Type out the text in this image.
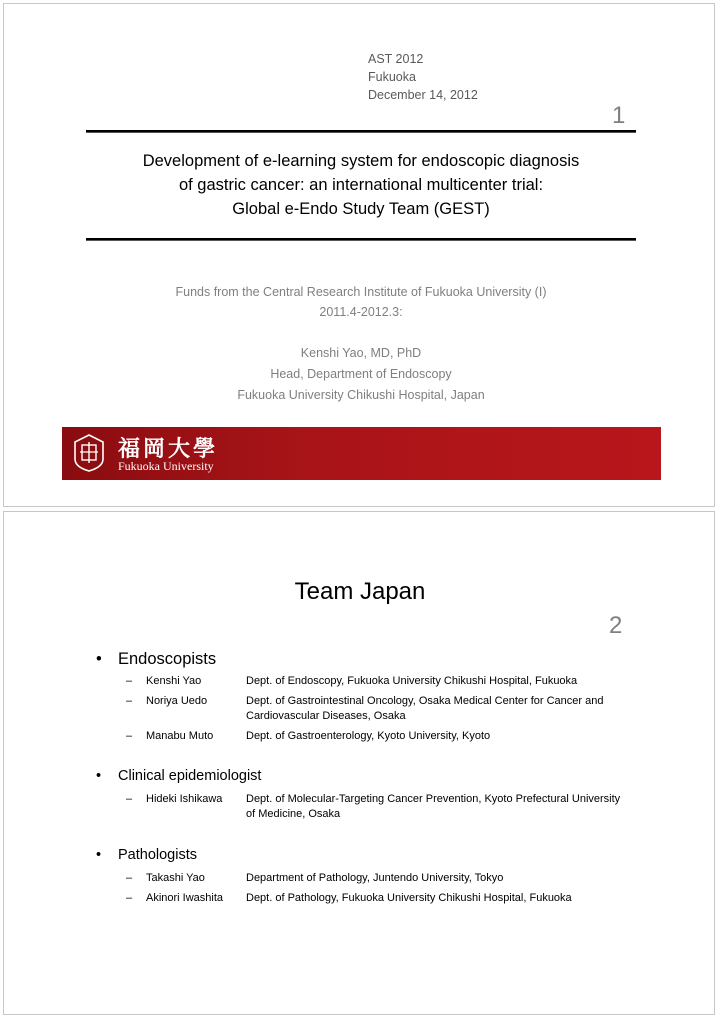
AST 2012
Fukuoka
December 14, 2012
1
Development of e-learning system for endoscopic diagnosis
of gastric cancer: an international multicenter trial:
Global e-Endo Study Team (GEST)
Funds from the Central Research Institute of Fukuoka University (I)
2011.4-2012.3:
Kenshi Yao, MD, PhD
Head, Department of Endoscopy
Fukuoka University Chikushi Hospital, Japan
福岡大學
Fukuoka University
Team Japan
2
• Endoscopists
– Kenshi Yao	Dept. of Endoscopy, Fukuoka University Chikushi Hospital, Fukuoka
– Noriya Uedo	Dept. of Gastrointestinal Oncology, Osaka Medical Center for Cancer and Cardiovascular Diseases, Osaka
– Manabu Muto	Dept. of Gastroenterology, Kyoto University, Kyoto
•	Clinical epidemiologist
– Hideki Ishikawa Dept. of Molecular-Targeting Cancer Prevention, Kyoto Prefectural University of Medicine, Osaka
•	Pathologists
– Takashi Yao	Department of Pathology, Juntendo University, Tokyo
– Akinori Iwashita Dept. of Pathology, Fukuoka University Chikushi Hospital, Fukuoka
